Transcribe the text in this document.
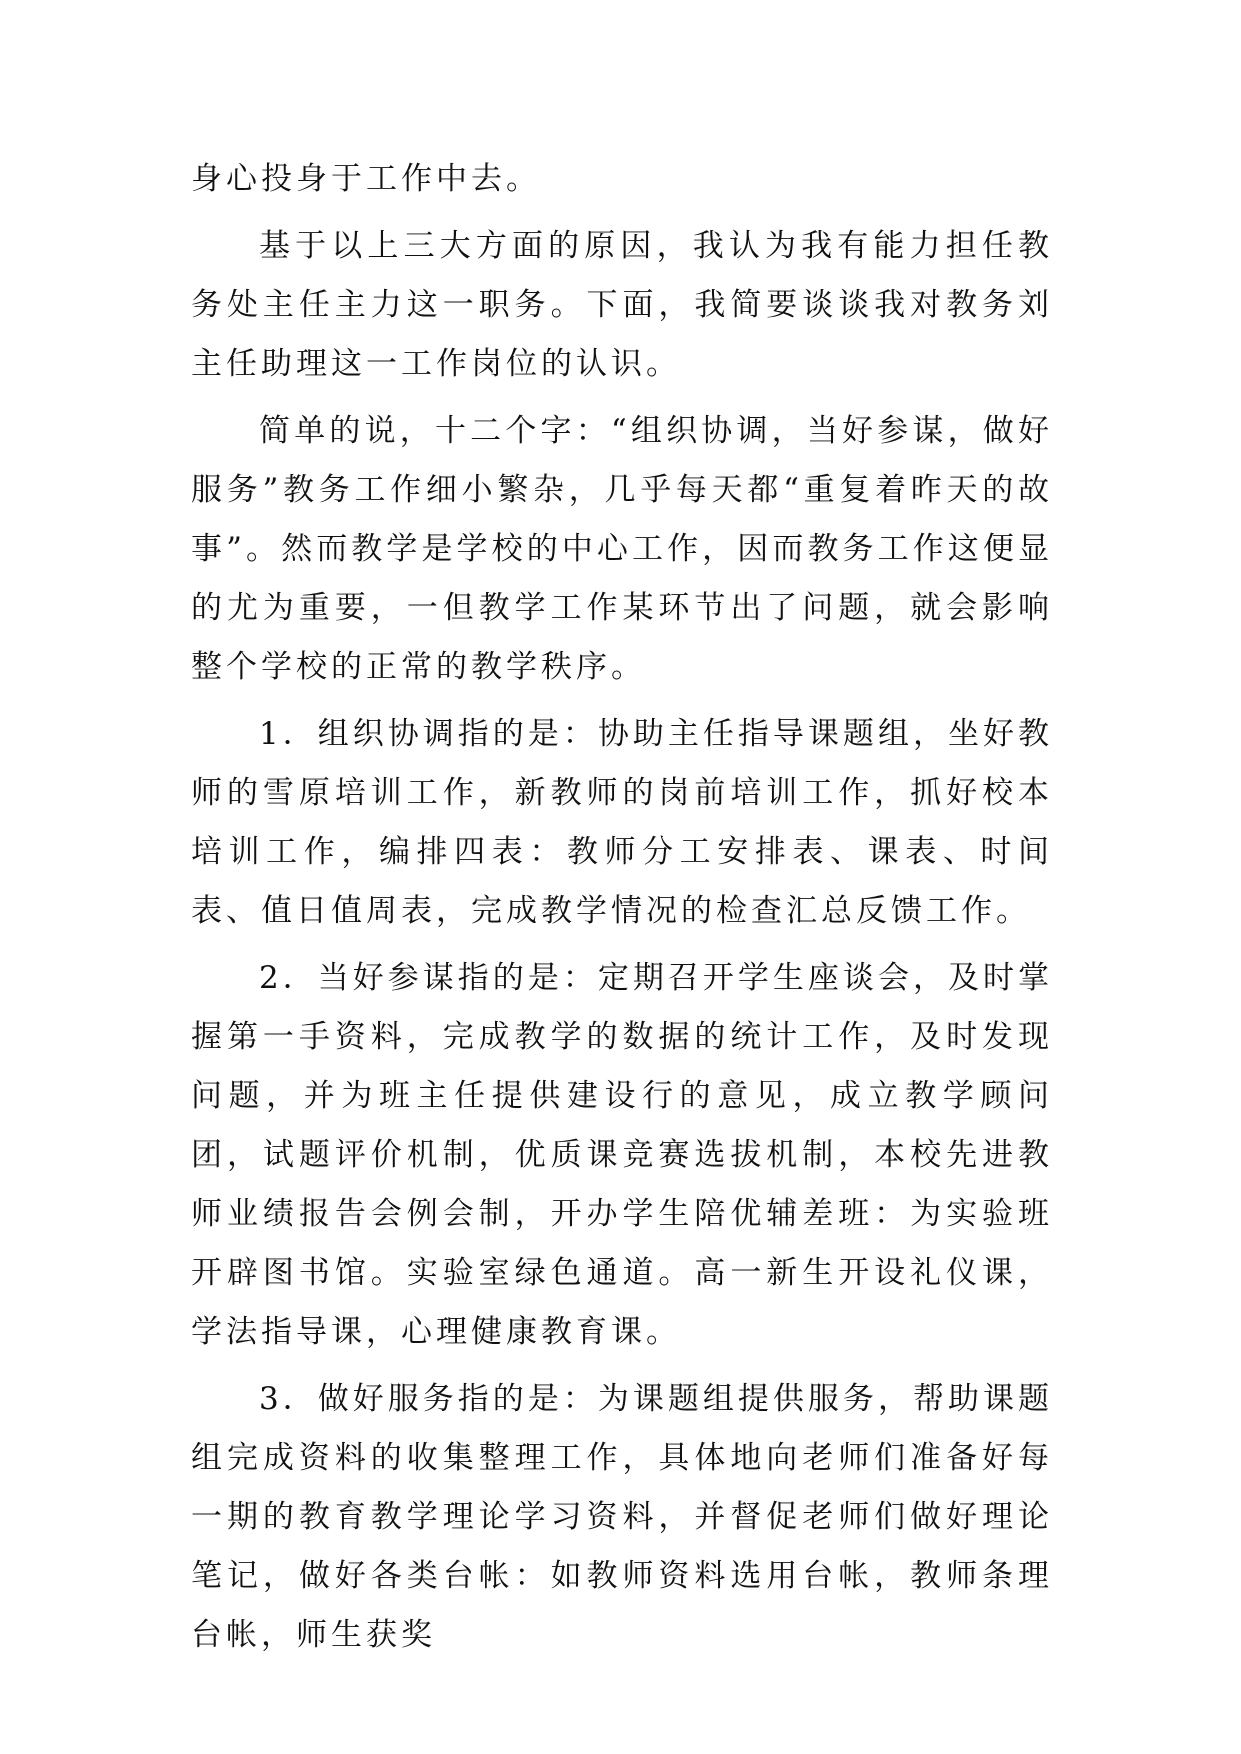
身心投身于工作中去。

基于以上三大方面的原因，我认为我有能力担任教务处主任主力这一职务。下面，我简要谈谈我对教务刘主任助理这一工作岗位的认识。

简单的说，十二个字：“组织协调，当好参谋，做好服务”教务工作细小繁杂，几乎每天都“重复着昨天的故事”。然而教学是学校的中心工作，因而教务工作这便显的尤为重要，一但教学工作某环节出了问题，就会影响整个学校的正常的教学秩序。

1．组织协调指的是：协助主任指导课题组，坐好教师的雪原培训工作，新教师的岗前培训工作，抓好校本培训工作，编排四表：教师分工安排表、课表、时间表、值日值周表，完成教学情况的检查汇总反馈工作。

2．当好参谋指的是：定期召开学生座谈会，及时掌握第一手资料，完成教学的数据的统计工作，及时发现问题，并为班主任提供建设行的意见，成立教学顾问团，试题评价机制，优质课竞赛选拔机制，本校先进教师业绩报告会例会制，开办学生陪优辅差班：为实验班开辟图书馆。实验室绿色通道。高一新生开设礼仪课，学法指导课，心理健康教育课。

3．做好服务指的是：为课题组提供服务，帮助课题组完成资料的收集整理工作，具体地向老师们准备好每一期的教育教学理论学习资料，并督促老师们做好理论笔记，做好各类台帐：如教师资料选用台帐，教师条理台帐，师生获奖
